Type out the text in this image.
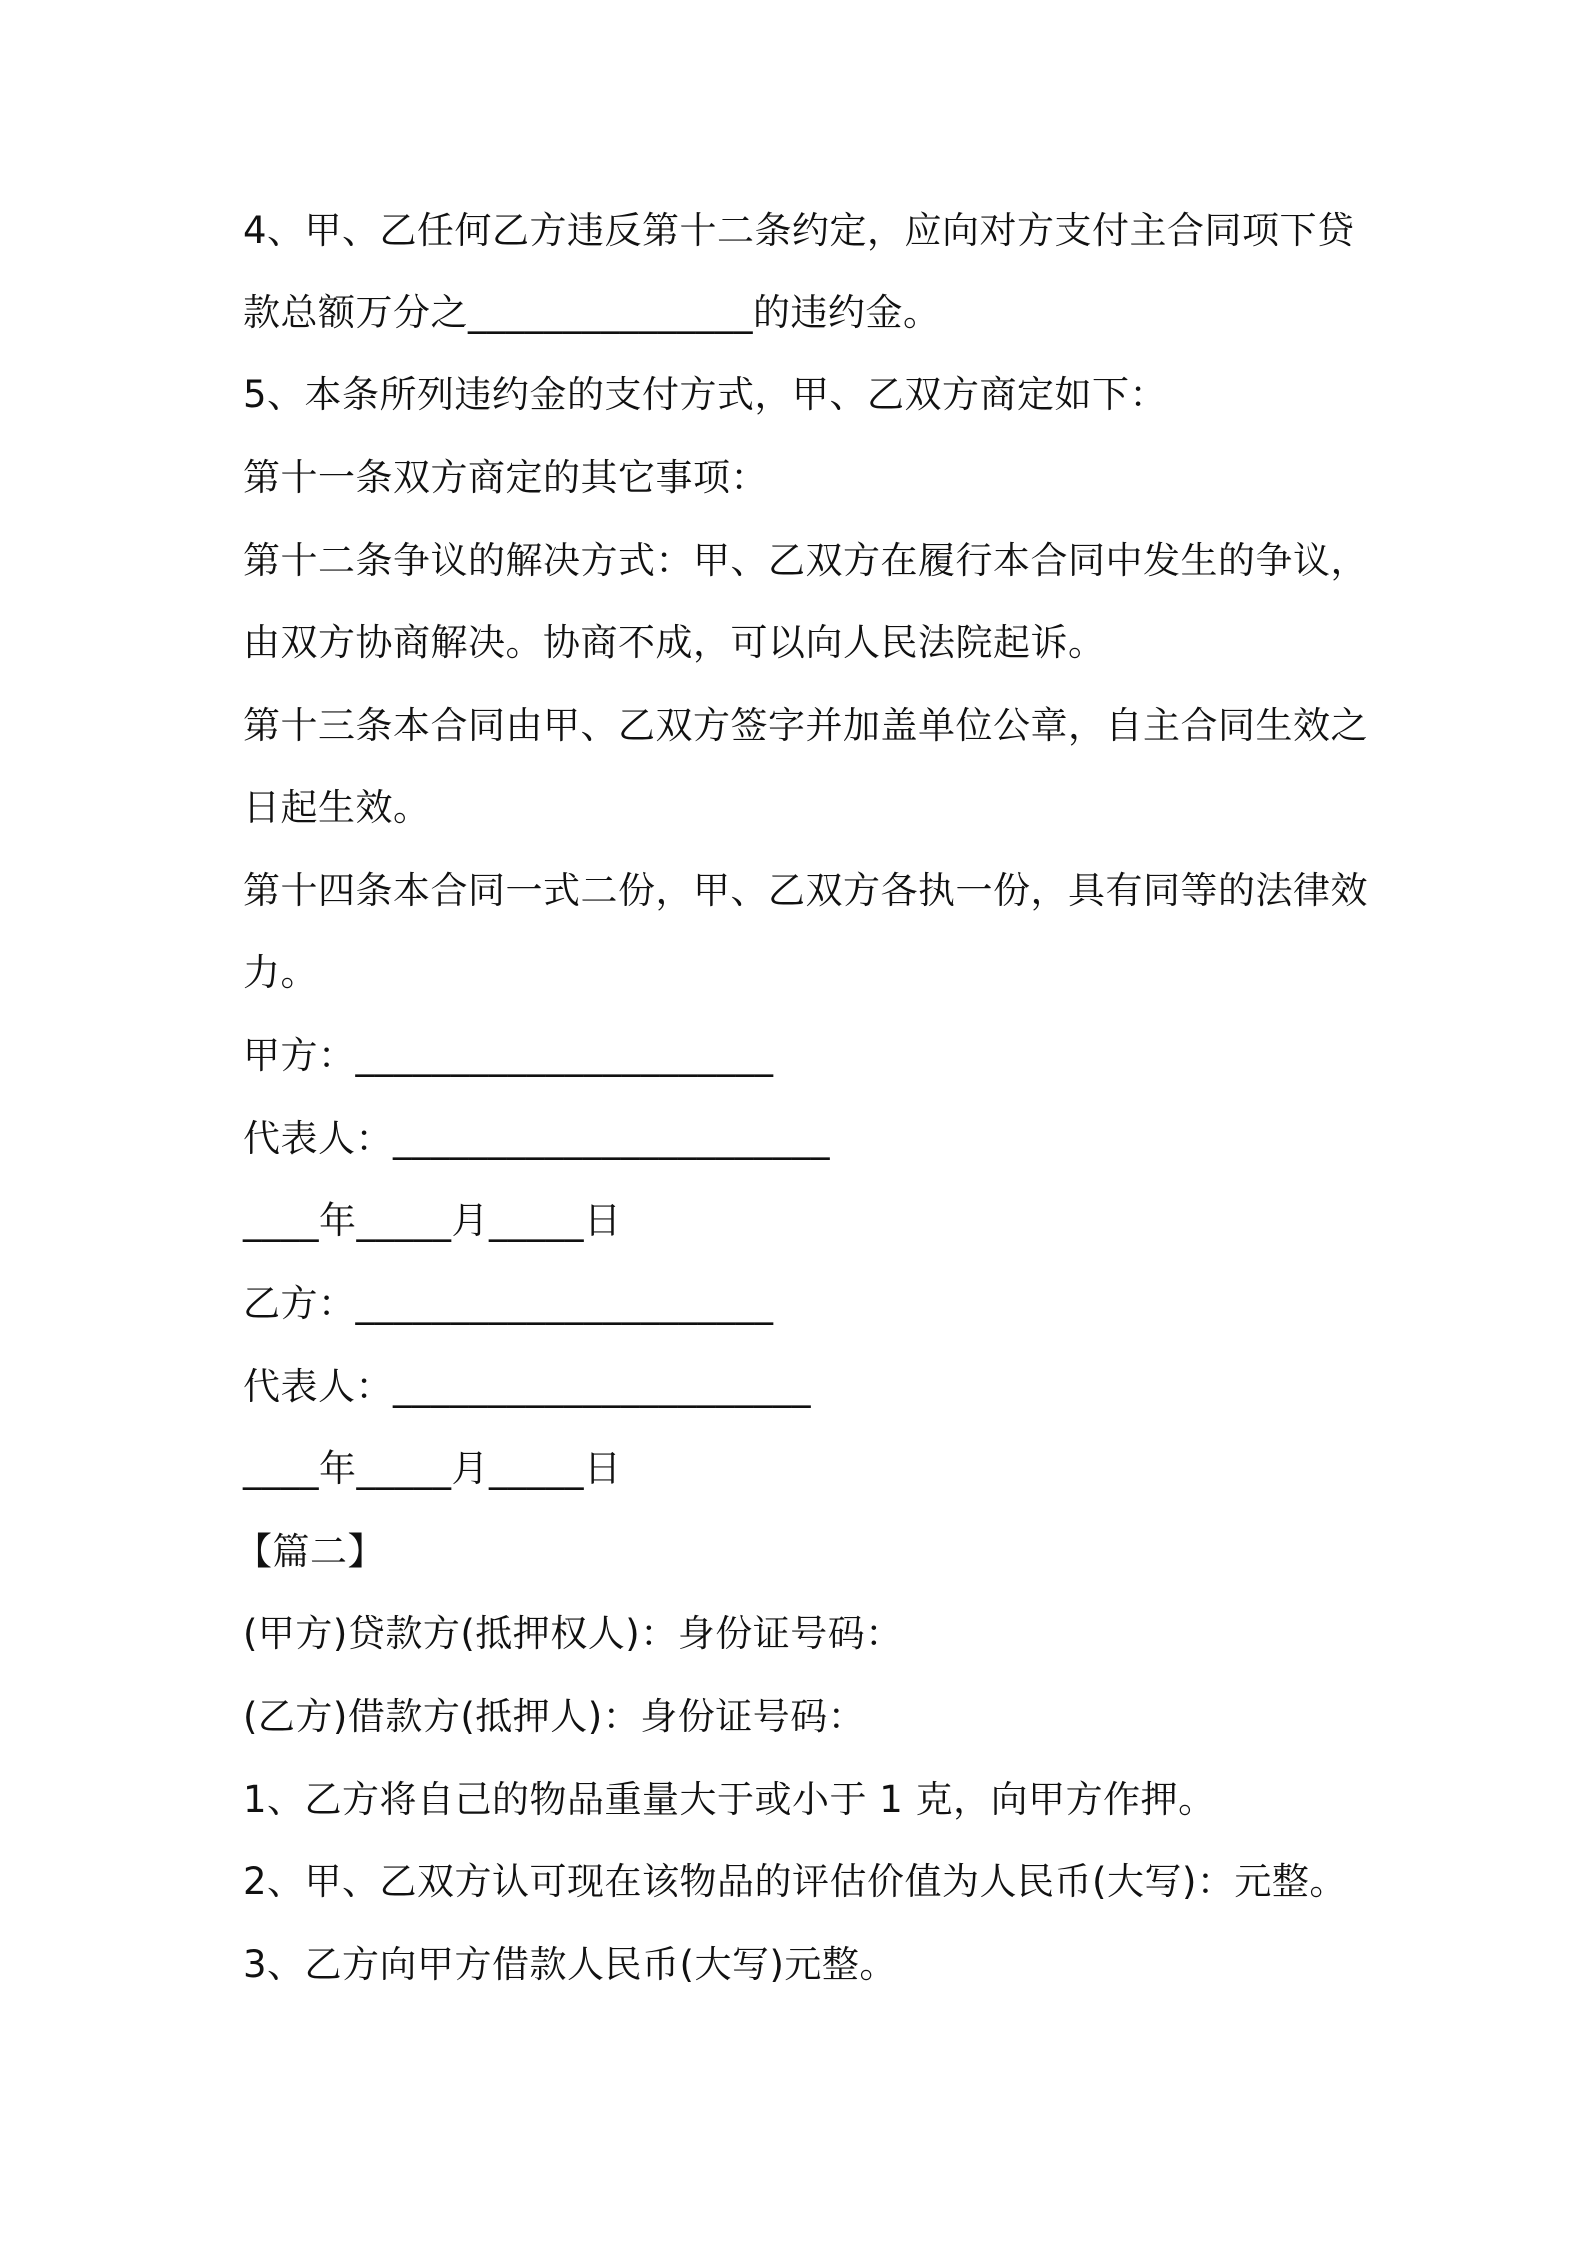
4、甲、乙任何乙方违反第十二条约定，应向对方支付主合同项下贷
款总额万分之_______________的违约金。
5、本条所列违约金的支付方式，甲、乙双方商定如下：
第十一条双方商定的其它事项：
第十二条争议的解决方式：甲、乙双方在履行本合同中发生的争议，
由双方协商解决。协商不成，可以向人民法院起诉。
第十三条本合同由甲、乙双方签字并加盖单位公章，自主合同生效之
日起生效。
第十四条本合同一式二份，甲、乙双方各执一份，具有同等的法律效
力。
甲方：______________________
代表人：_______________________
____年_____月_____日
乙方：______________________
代表人：______________________
____年_____月_____日
【篇二】
(甲方)贷款方(抵押权人)：身份证号码：
(乙方)借款方(抵押人)：身份证号码：
1、乙方将自己的物品重量大于或小于 1 克，向甲方作押。
2、甲、乙双方认可现在该物品的评估价值为人民币(大写)：元整。
3、乙方向甲方借款人民币(大写)元整。
